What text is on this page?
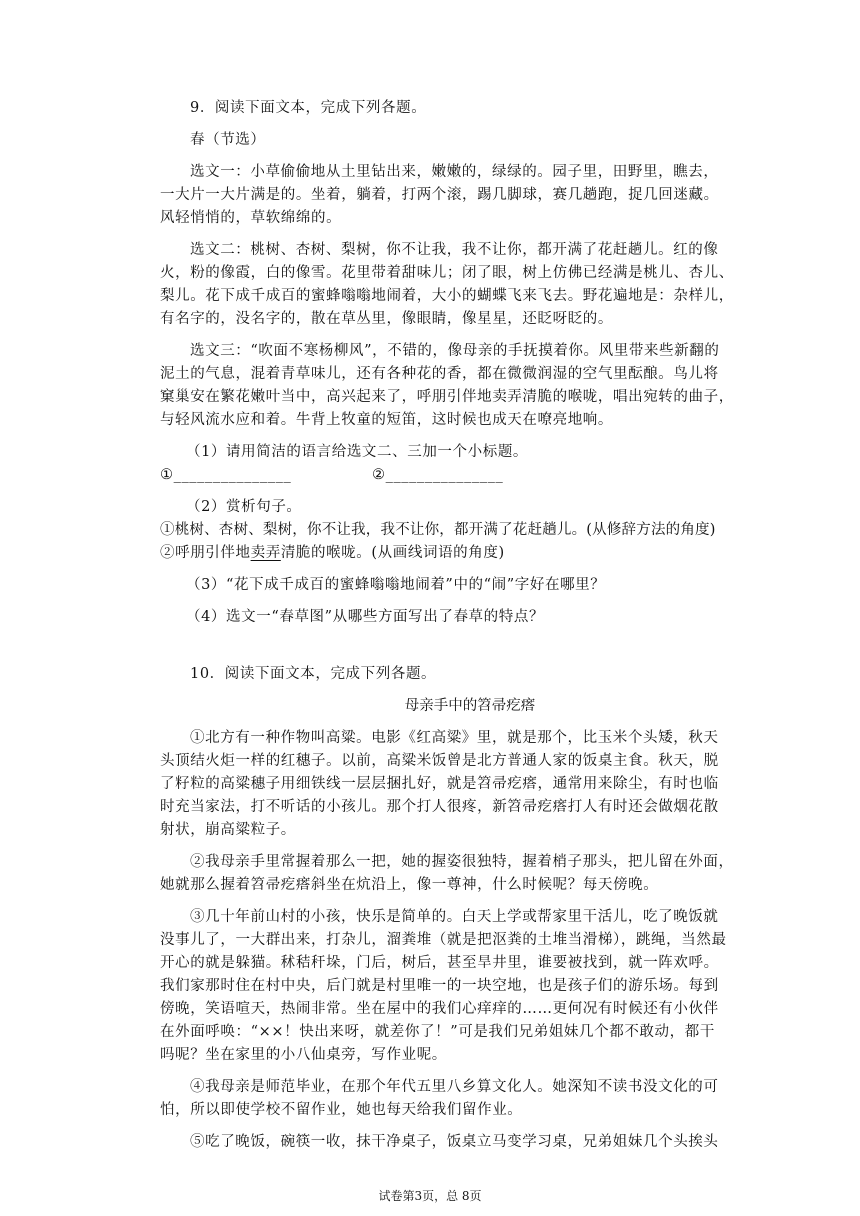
9．阅读下面文本，完成下列各题。
春（节选）
选文一：小草偷偷地从土里钻出来，嫩嫩的，绿绿的。园子里，田野里，瞧去，
一大片一大片满是的。坐着，躺着，打两个滚，踢几脚球，赛几趟跑，捉几回迷藏。
风轻悄悄的，草软绵绵的。
选文二：桃树、杏树、梨树，你不让我，我不让你，都开满了花赶趟儿。红的像
火，粉的像霞，白的像雪。花里带着甜味儿；闭了眼，树上仿佛已经满是桃儿、杏儿、
梨儿。花下成千成百的蜜蜂嗡嗡地闹着，大小的蝴蝶飞来飞去。野花遍地是：杂样儿，
有名字的，没名字的，散在草丛里，像眼睛，像星星，还眨呀眨的。
选文三：“吹面不寒杨柳风”，不错的，像母亲的手抚摸着你。风里带来些新翻的
泥土的气息，混着青草味儿，还有各种花的香，都在微微润湿的空气里酝酿。鸟儿将
窠巢安在繁花嫩叶当中，高兴起来了，呼朋引伴地卖弄清脆的喉咙，唱出宛转的曲子，
与轻风流水应和着。牛背上牧童的短笛，这时候也成天在嘹亮地响。
（1）请用简洁的语言给选文二、三加一个小标题。
①_______________	②_______________
（2）赏析句子。
①桃树、杏树、梨树，你不让我，我不让你，都开满了花赶趟儿。(从修辞方法的角度)
②呼朋引伴地卖弄清脆的喉咙。(从画线词语的角度)
（3）“花下成千成百的蜜蜂嗡嗡地闹着”中的“闹”字好在哪里？
（4）选文一“春草图”从哪些方面写出了春草的特点？
10．阅读下面文本，完成下列各题。
母亲手中的笤帚疙瘩
①北方有一种作物叫高粱。电影《红高粱》里，就是那个，比玉米个头矮，秋天
头顶结火炬一样的红穗子。以前，高粱米饭曾是北方普通人家的饭桌主食。秋天，脱
了籽粒的高粱穗子用细铁线一层层捆扎好，就是笤帚疙瘩，通常用来除尘，有时也临
时充当家法，打不听话的小孩儿。那个打人很疼，新笤帚疙瘩打人有时还会做烟花散
射状，崩高粱粒子。
②我母亲手里常握着那么一把，她的握姿很独特，握着梢子那头，把儿留在外面，
她就那么握着笤帚疙瘩斜坐在炕沿上，像一尊神，什么时候呢？每天傍晚。
③几十年前山村的小孩，快乐是简单的。白天上学或帮家里干活儿，吃了晚饭就
没事儿了，一大群出来，打杂儿，溜粪堆（就是把沤粪的土堆当滑梯），跳绳，当然最
开心的就是躲猫。秫秸秆垛，门后，树后，甚至旱井里，谁要被找到，就一阵欢呼。
我们家那时住在村中央，后门就是村里唯一的一块空地，也是孩子们的游乐场。每到
傍晚，笑语喧天，热闹非常。坐在屋中的我们心痒痒的……更何况有时候还有小伙伴
在外面呼唤：“××！快出来呀，就差你了！”可是我们兄弟姐妹几个都不敢动，都干
吗呢？坐在家里的小八仙桌旁，写作业呢。
④我母亲是师范毕业，在那个年代五里八乡算文化人。她深知不读书没文化的可
怕，所以即使学校不留作业，她也每天给我们留作业。
⑤吃了晚饭，碗筷一收，抹干净桌子，饭桌立马变学习桌，兄弟姐妹几个头挨头
试卷第3页，总 8页
